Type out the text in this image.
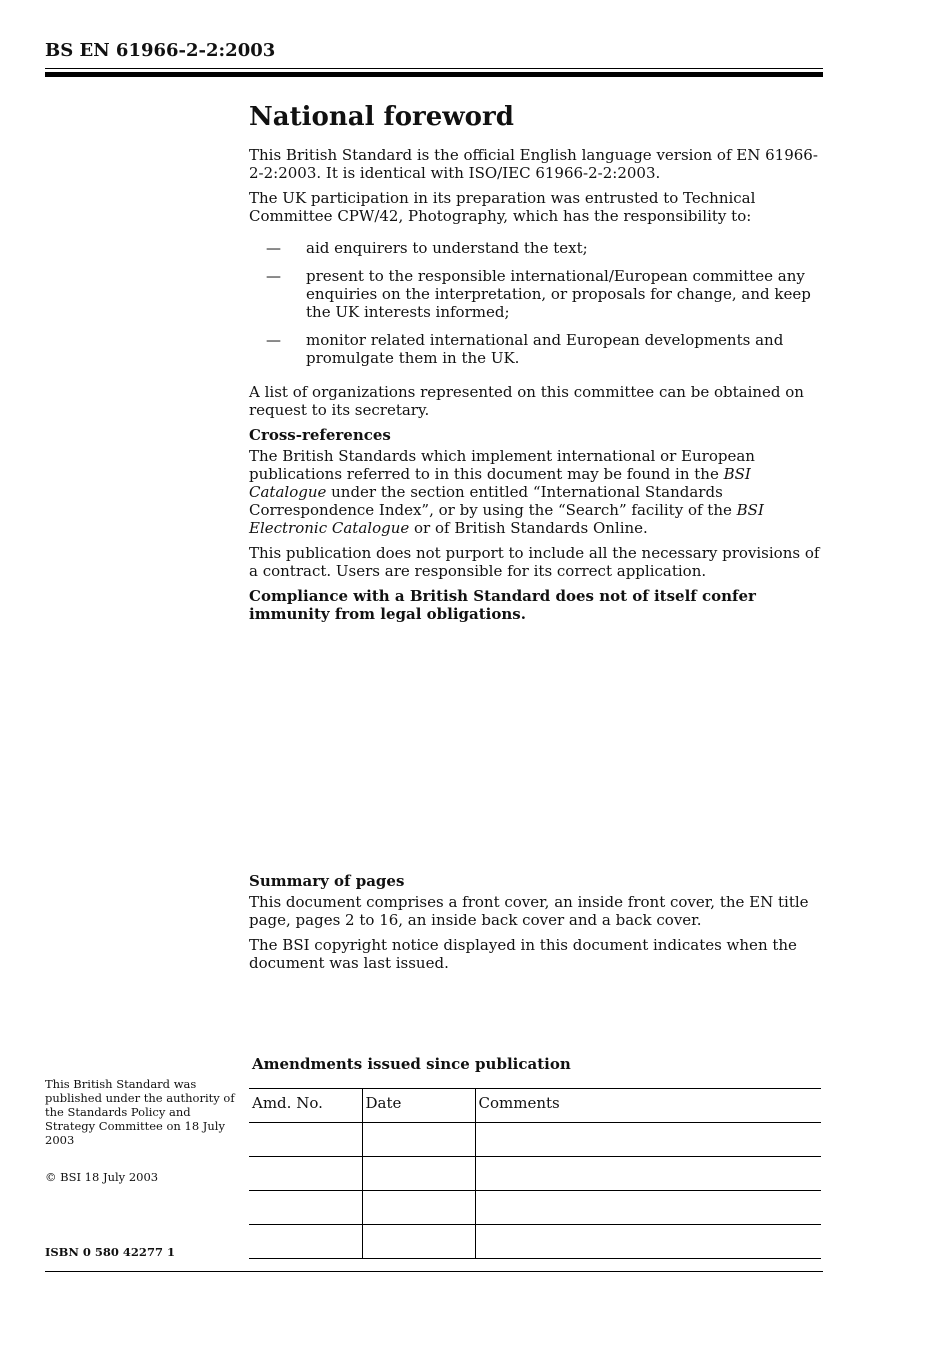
BS EN 61966-2-2:2003
National foreword

This British Standard is the official English language version of EN 61966-2-2:2003. It is identical with ISO/IEC 61966-2-2:2003.

The UK participation in its preparation was entrusted to Technical Committee CPW/42, Photography, which has the responsibility to:

— aid enquirers to understand the text;
— present to the responsible international/European committee any enquiries on the interpretation, or proposals for change, and keep the UK interests informed;
— monitor related international and European developments and promulgate them in the UK.

A list of organizations represented on this committee can be obtained on request to its secretary.

Cross-references

The British Standards which implement international or European publications referred to in this document may be found in the BSI Catalogue under the section entitled “International Standards Correspondence Index”, or by using the “Search” facility of the BSI Electronic Catalogue or of British Standards Online.

This publication does not purport to include all the necessary provisions of a contract. Users are responsible for its correct application.

Compliance with a British Standard does not of itself confer immunity from legal obligations.

Summary of pages

This document comprises a front cover, an inside front cover, the EN title page, pages 2 to 16, an inside back cover and a back cover.

The BSI copyright notice displayed in this document indicates when the document was last issued.

Amendments issued since publication
Amd. No.	Date	Comments

This British Standard was published under the authority of the Standards Policy and Strategy Committee on 18 July 2003
© BSI 18 July 2003
ISBN 0 580 42277 1
